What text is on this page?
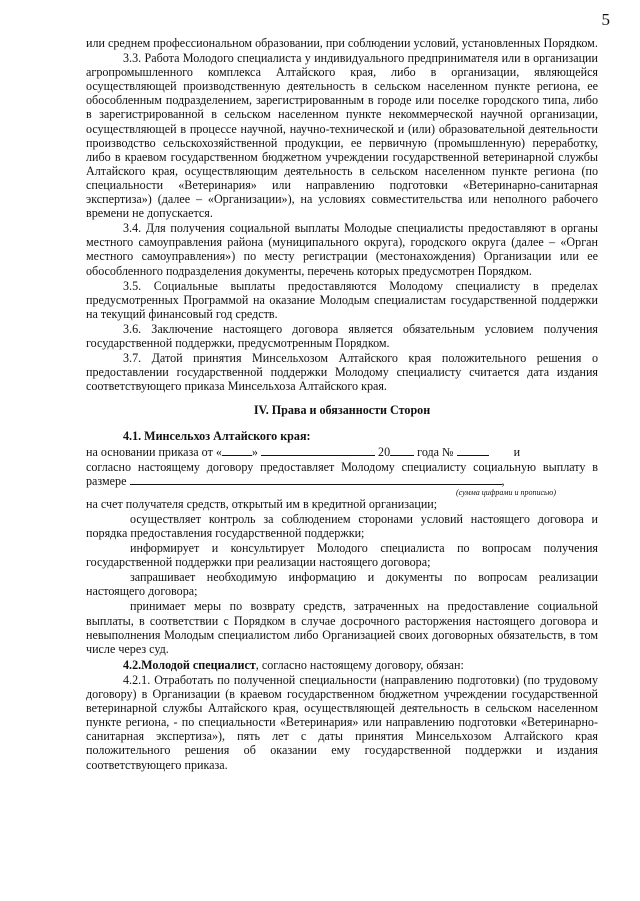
5

или среднем профессиональном образовании, при соблюдении условий, установленных Порядком.

3.3. Работа Молодого специалиста у индивидуального предпринимателя или в организации агропромышленного комплекса Алтайского края, либо в организации, являющейся осуществляющей производственную деятельность в сельском населенном пункте региона, ее обособленным подразделением, зарегистрированным в городе или поселке городского типа, либо в зарегистрированной в сельском населенном пункте некоммерческой научной организации, осуществляющей в процессе научной, научно-технической и (или) образовательной деятельности производство сельскохозяйственной продукции, ее первичную (промышленную) переработку, либо в краевом государственном бюджетном учреждении государственной ветеринарной службы Алтайского края, осуществляющим деятельность в сельском населенном пункте региона (по специальности «Ветеринария» или направлению подготовки «Ветеринарно-санитарная экспертиза») (далее – «Организации»), на условиях совместительства или неполного рабочего времени не допускается.

3.4. Для получения социальной выплаты Молодые специалисты предоставляют в органы местного самоуправления района (муниципального округа), городского округа (далее – «Орган местного самоуправления») по месту регистрации (местонахождения) Организации или ее обособленного подразделения документы, перечень которых предусмотрен Порядком.

3.5. Социальные выплаты предоставляются Молодому специалисту в пределах предусмотренных Программой на оказание Молодым специалистам государственной поддержки на текущий финансовый год средств.

3.6. Заключение настоящего договора является обязательным условием получения государственной поддержки, предусмотренным Порядком.

3.7. Датой принятия Минсельхозом Алтайского края положительного решения о предоставлении государственной поддержки Молодому специалисту считается дата издания соответствующего приказа Минсельхоза Алтайского края.

IV. Права и обязанности Сторон

4.1. Минсельхоз Алтайского края:

на основании приказа от « »	20 года №	и

согласно настоящему договору предоставляет Молодому специалисту социальную выплату в размере	,

(сумма цифрами и прописью)

на счет получателя средств, открытый им в кредитной организации;

осуществляет контроль за соблюдением сторонами условий настоящего договора и порядка предоставления государственной поддержки;

информирует и консультирует Молодого специалиста по вопросам получения государственной поддержки при реализации настоящего договора;

запрашивает необходимую информацию и документы по вопросам реализации настоящего договора;

принимает меры по возврату средств, затраченных на предоставление социальной выплаты, в соответствии с Порядком в случае досрочного расторжения настоящего договора и невыполнения Молодым специалистом либо Организацией своих договорных обязательств, в том числе через суд.

4.2.Молодой специалист, согласно настоящему договору, обязан:

4.2.1. Отработать по полученной специальности (направлению подготовки) (по трудовому договору) в Организации (в краевом государственном бюджетном учреждении государственной ветеринарной службы Алтайского края, осуществляющей деятельность в сельском населенном пункте региона, - по специальности «Ветеринария» или направлению подготовки «Ветеринарно-санитарная экспертиза»), пять лет с даты принятия Минсельхозом Алтайского края положительного решения об оказании ему государственной поддержки и издания соответствующего приказа.
